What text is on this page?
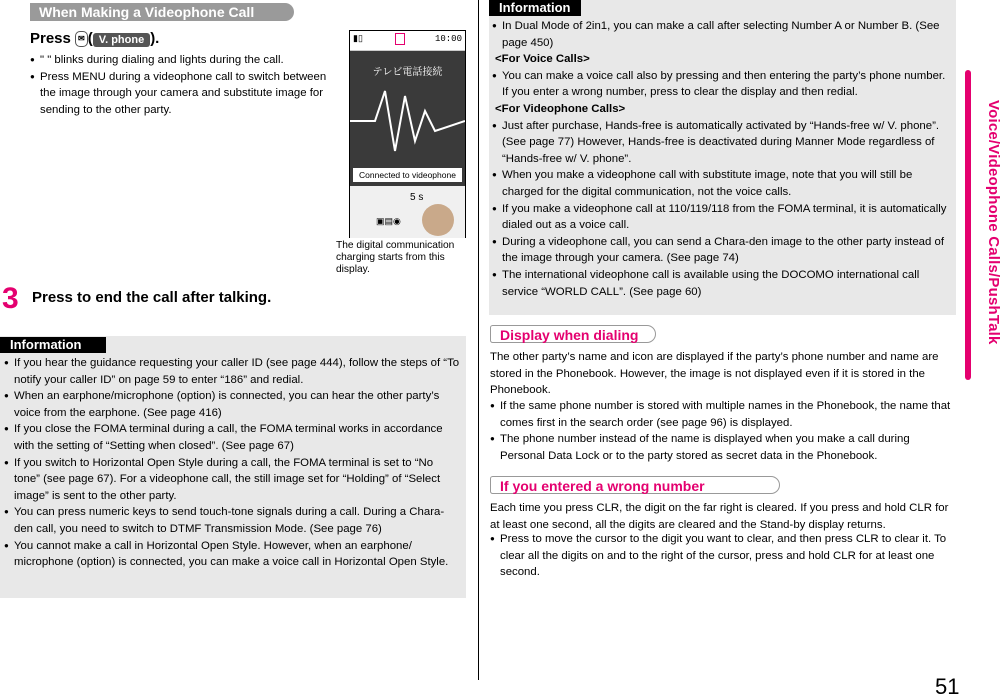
When Making a Videophone Call
Press ✉ ( V. phone ).
● " " blinks during dialing and lights during the call.
● Press MENU during a videophone call to switch between the image through your camera and substitute image for sending to the other party.
▮▯	10:00
テレビ電話接続
Connected to videophone
5 s
▣▤◉
The digital communication charging starts from this display.
3 Press to end the call after talking.
Information
● If you hear the guidance requesting your caller ID (see page 444), follow the steps of “To notify your caller ID” on page 59 to enter “186” and redial.
● When an earphone/microphone (option) is connected, you can hear the other party’s voice from the earphone. (See page 416)
● If you close the FOMA terminal during a call, the FOMA terminal works in accordance with the setting of “Setting when closed”. (See page 67)
● If you switch to Horizontal Open Style during a call, the FOMA terminal is set to “No tone” (see page 67). For a videophone call, the still image set for “Holding” of “Select image” is sent to the other party.
● You can press numeric keys to send touch-tone signals during a call. During a Chara-den call, you need to switch to DTMF Transmission Mode. (See page 76)
● You cannot make a call in Horizontal Open Style. However, when an earphone/ microphone (option) is connected, you can make a voice call in Horizontal Open Style.
Information
● In Dual Mode of 2in1, you can make a call after selecting Number A or Number B. (See page 450)
<For Voice Calls>
● You can make a voice call also by pressing and then entering the party’s phone number. If you enter a wrong number, press to clear the display and then redial.
<For Videophone Calls>
● Just after purchase, Hands-free is automatically activated by “Hands-free w/ V. phone”. (See page 77) However, Hands-free is deactivated during Manner Mode regardless of “Hands-free w/ V. phone”.
● When you make a videophone call with substitute image, note that you will still be charged for the digital communication, not the voice calls.
● If you make a videophone call at 110/119/118 from the FOMA terminal, it is automatically dialed out as a voice call.
● During a videophone call, you can send a Chara-den image to the other party instead of the image through your camera. (See page 74)
● The international videophone call is available using the DOCOMO international call service “WORLD CALL”. (See page 60)
Display when dialing
The other party’s name and icon are displayed if the party’s phone number and name are stored in the Phonebook. However, the image is not displayed even if it is stored in the Phonebook.
● If the same phone number is stored with multiple names in the Phonebook, the name that comes first in the search order (see page 96) is displayed.
● The phone number instead of the name is displayed when you make a call during Personal Data Lock or to the party stored as secret data in the Phonebook.
If you entered a wrong number
Each time you press CLR, the digit on the far right is cleared. If you press and hold CLR for at least one second, all the digits are cleared and the Stand-by display returns.
● Press to move the cursor to the digit you want to clear, and then press CLR to clear it. To clear all the digits on and to the right of the cursor, press and hold CLR for at least one second.
Voice/Videophone Calls/PushTalk
51
